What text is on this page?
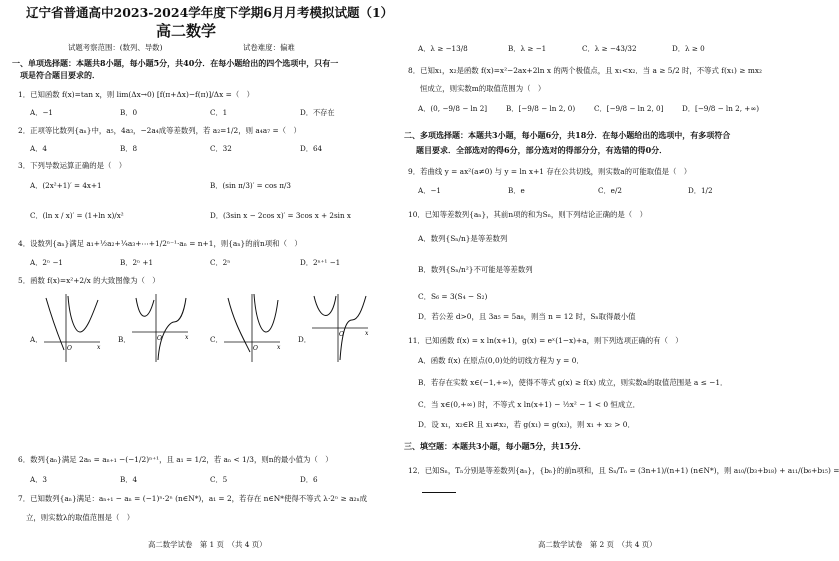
辽宁省普通高中2023-2024学年度下学期6月月考模拟试题（1）
高二数学
试题考察范围：(数列、导数)	试卷难度：偏难
一、单项选择题：本题共8小题，每小题5分，共40分．在每小题给出的四个选项中，只有一
项是符合题目要求的．
1．已知函数 f(x)=tan x，则 lim(Δx→0) [f(π+Δx)−f(π)]/Δx =（　）
A．−1	B．0	C．1	D．不存在
2．正项等比数列{aₙ}中，a₅，4a₃，−2a₄成等差数列，若 a₂=1/2，则 a₄a₇ =（　）
A．4	B．8	C．32	D．64
3．下列导数运算正确的是（　）
A．(2x²+1)′ = 4x+1	B．(sin π/3)′ = cos π/3
C．(ln x / x)′ = (1+ln x)/x²	D．(3sin x − 2cos x)′ = 3cos x + 2sin x
4．设数列{aₙ}满足 a₁+½a₂+¼a₃+⋯+1/2ⁿ⁻¹·aₙ = n+1，则{aₙ}的前n项和（　）
A．2ⁿ −1	B．2ⁿ +1	C．2ⁿ	D．2ⁿ⁺¹ −1
5．函数 f(x)=x²+2/x 的大致图像为（　）
A．
O	x
B．	O	x	C．
O	x
D．
O	x
6．数列{aₙ}满足 2aₙ = aₙ₊₁ −(−1/2)ⁿ⁺¹，且 a₁ = 1/2，若 aₙ < 1/3，则n的最小值为（　）
A．3	B．4	C．5	D．6
7．已知数列{aₙ}满足：aₙ₊₁ − aₙ = (−1)ⁿ·2ⁿ (n∈N*)，a₁ = 2，若存在 n∈N*使得不等式 λ·2ⁿ ≥ a₂ₙ成
立，则实数λ的取值范围是（　）
高二数学试卷　第 1 页　（共 4 页）
A．λ ≥ −13/8	B．λ ≥ −1	C．λ ≥ −43/32	D．λ ≥ 0
8．已知x₁，x₂是函数 f(x)=x²−2ax+2ln x 的两个极值点，且 x₁<x₂．当 a ≥ 5/2 时，不等式 f(x₁) ≥ mx₂
恒成立，则实数m的取值范围为（　）
A．(0, −9/8 − ln 2]	B．[−9/8 − ln 2, 0)	C．[−9/8 − ln 2, 0]	D．[−9/8 − ln 2, +∞)
二、多项选择题：本题共3小题，每小题6分，共18分．在每小题给出的选项中，有多项符合
题目要求．全部选对的得6分，部分选对的得部分分，有选错的得0分．
9．若曲线 y = ax²(a≠0) 与 y = ln x+1 存在公共切线，则实数a的可能取值是（　）
A．−1	B．e	C．e/2	D．1/2
10．已知等差数列{aₙ}，其前n项的和为Sₙ，则下列结论正确的是（　）
A．数列{Sₙ/n}是等差数列
B．数列{Sₙ/n²}不可能是等差数列
C．S₆ = 3(S₄ − S₂)
D．若公差 d>0，且 3a₅ = 5a₈，则当 n = 12 时，Sₙ取得最小值
11．已知函数 f(x) = x ln(x+1)，g(x) = eˣ(1−x)+a，则下列选项正确的有（　）
A．函数 f(x) 在原点(0,0)处的切线方程为 y = 0．
B．若存在实数 x∈(−1,+∞)，使得不等式 g(x) ≥ f(x) 成立，则实数a的取值范围是 a ≤ −1．
C．当 x∈(0,+∞) 时，不等式 x ln(x+1) − ½x² − 1 < 0 恒成立．
D．设 x₁，x₂∈R 且 x₁≠x₂，若 g(x₁) = g(x₂)，则 x₁ + x₂ > 0．
三、填空题：本题共3小题，每小题5分，共15分．
12．已知Sₙ，Tₙ分别是等差数列{aₙ}，{bₙ}的前n项和，且 Sₙ/Tₙ = (3n+1)/(n+1) (n∈N*)，则 a₁₀/(b₃+b₁₈) + a₁₁/(b₆+b₁₅) =
高二数学试卷　第 2 页　（共 4 页）
